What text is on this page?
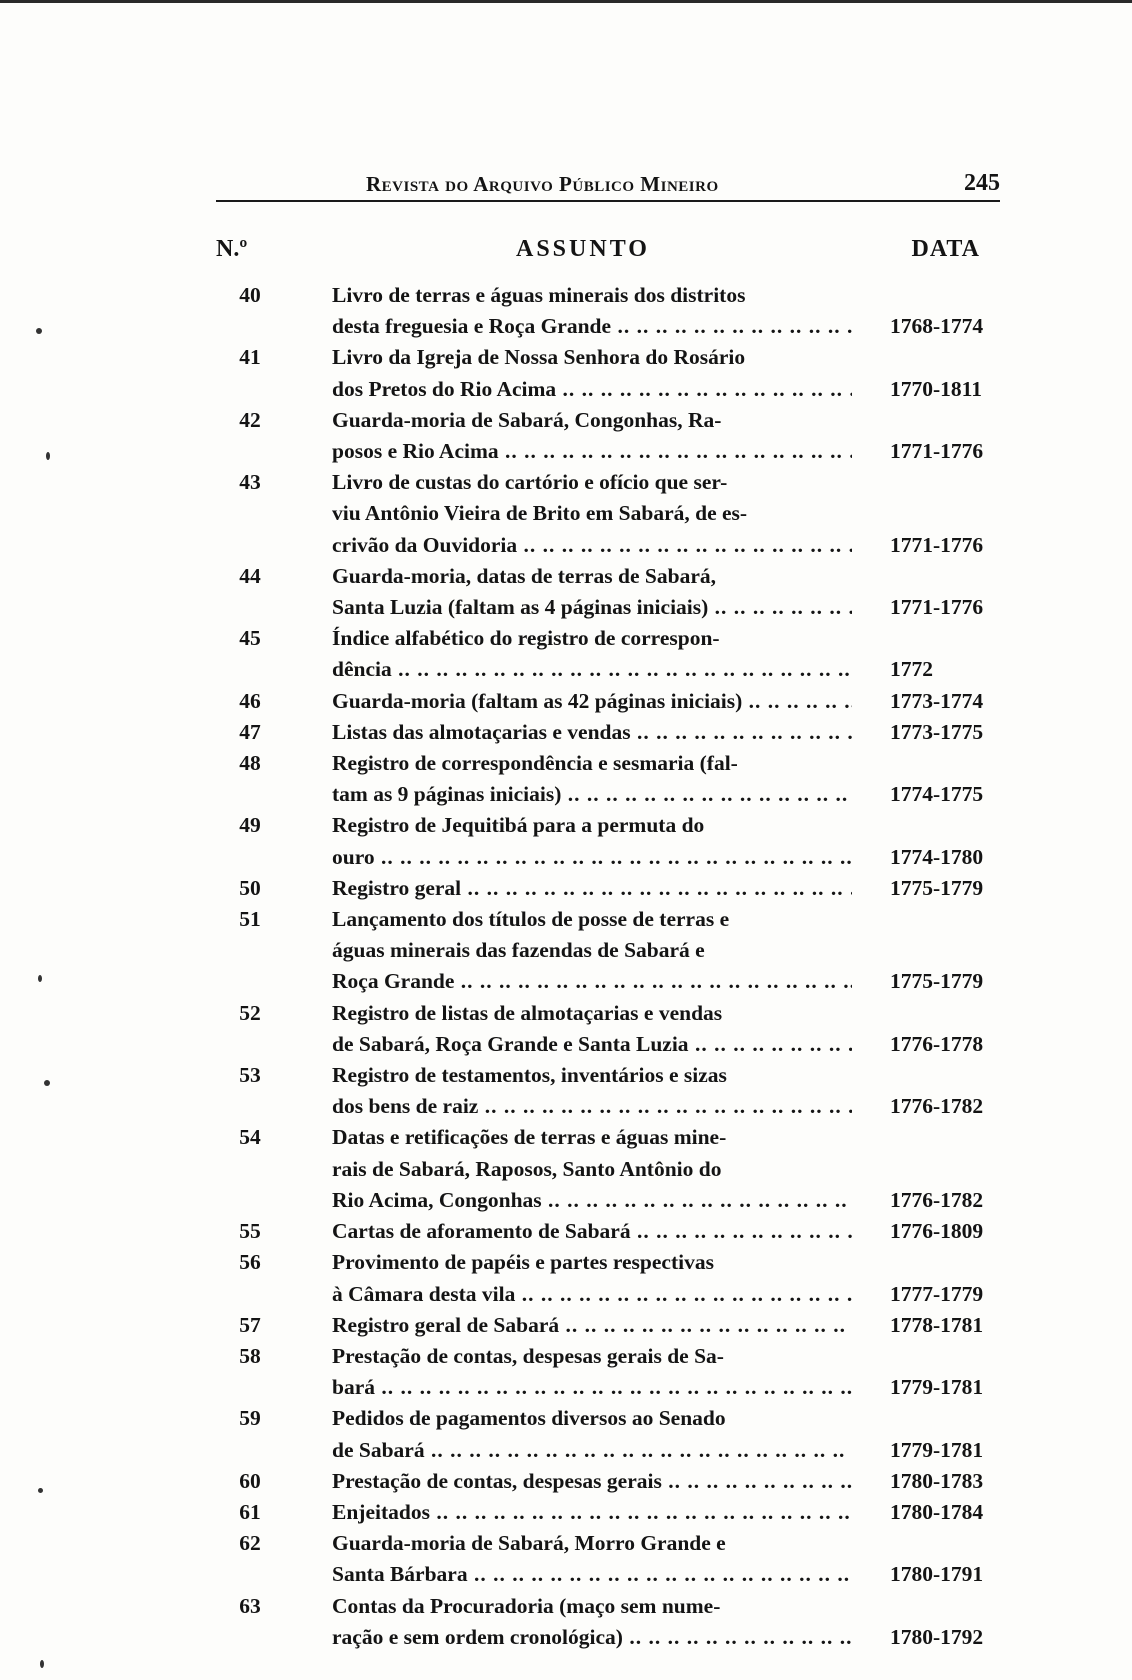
Revista do Arquivo Público Mineiro	245
N.º	ASSUNTO	DATA
40	Livro de terras e águas minerais dos distritos
desta freguesia e Roça Grande .. ..	1768-1774
41	Livro da Igreja de Nossa Senhora do Rosário
dos Pretos do Rio Acima .. ..	1770-1811
42	Guarda-moria de Sabará, Congonhas, Ra-
posos e Rio Acima .. ..	1771-1776
43	Livro de custas do cartório e ofício que ser-
viu Antônio Vieira de Brito em Sabará, de es-
crivão da Ouvidoria .. ..	1771-1776
44	Guarda-moria, datas de terras de Sabará,
Santa Luzia (faltam as 4 páginas iniciais) .. ..	1771-1776
45	Índice alfabético do registro de correspon-
dência .. ..	1772
46	Guarda-moria (faltam as 42 páginas iniciais) .. ..	1773-1774
47	Listas das almotaçarias e vendas .. ..	1773-1775
48	Registro de correspondência e sesmaria (fal-
tam as 9 páginas iniciais) .. ..	1774-1775
49	Registro de Jequitibá para a permuta do
ouro .. ..	1774-1780
50	Registro geral .. ..	1775-1779
51	Lançamento dos títulos de posse de terras e
águas minerais das fazendas de Sabará e
Roça Grande .. ..	1775-1779
52	Registro de listas de almotaçarias e vendas
de Sabará, Roça Grande e Santa Luzia .. ..	1776-1778
53	Registro de testamentos, inventários e sizas
dos bens de raiz .. ..	1776-1782
54	Datas e retificações de terras e águas mine-
rais de Sabará, Raposos, Santo Antônio do
Rio Acima, Congonhas .. ..	1776-1782
55	Cartas de aforamento de Sabará .. ..	1776-1809
56	Provimento de papéis e partes respectivas
à Câmara desta vila .. ..	1777-1779
57	Registro geral de Sabará .. ..	1778-1781
58	Prestação de contas, despesas gerais de Sa-
bará .. ..	1779-1781
59	Pedidos de pagamentos diversos ao Senado
de Sabará .. ..	1779-1781
60	Prestação de contas, despesas gerais .. ..	1780-1783
61	Enjeitados .. ..	1780-1784
62	Guarda-moria de Sabará, Morro Grande e
Santa Bárbara .. ..	1780-1791
63	Contas da Procuradoria (maço sem nume-
ração e sem ordem cronológica) .. ..	1780-1792
